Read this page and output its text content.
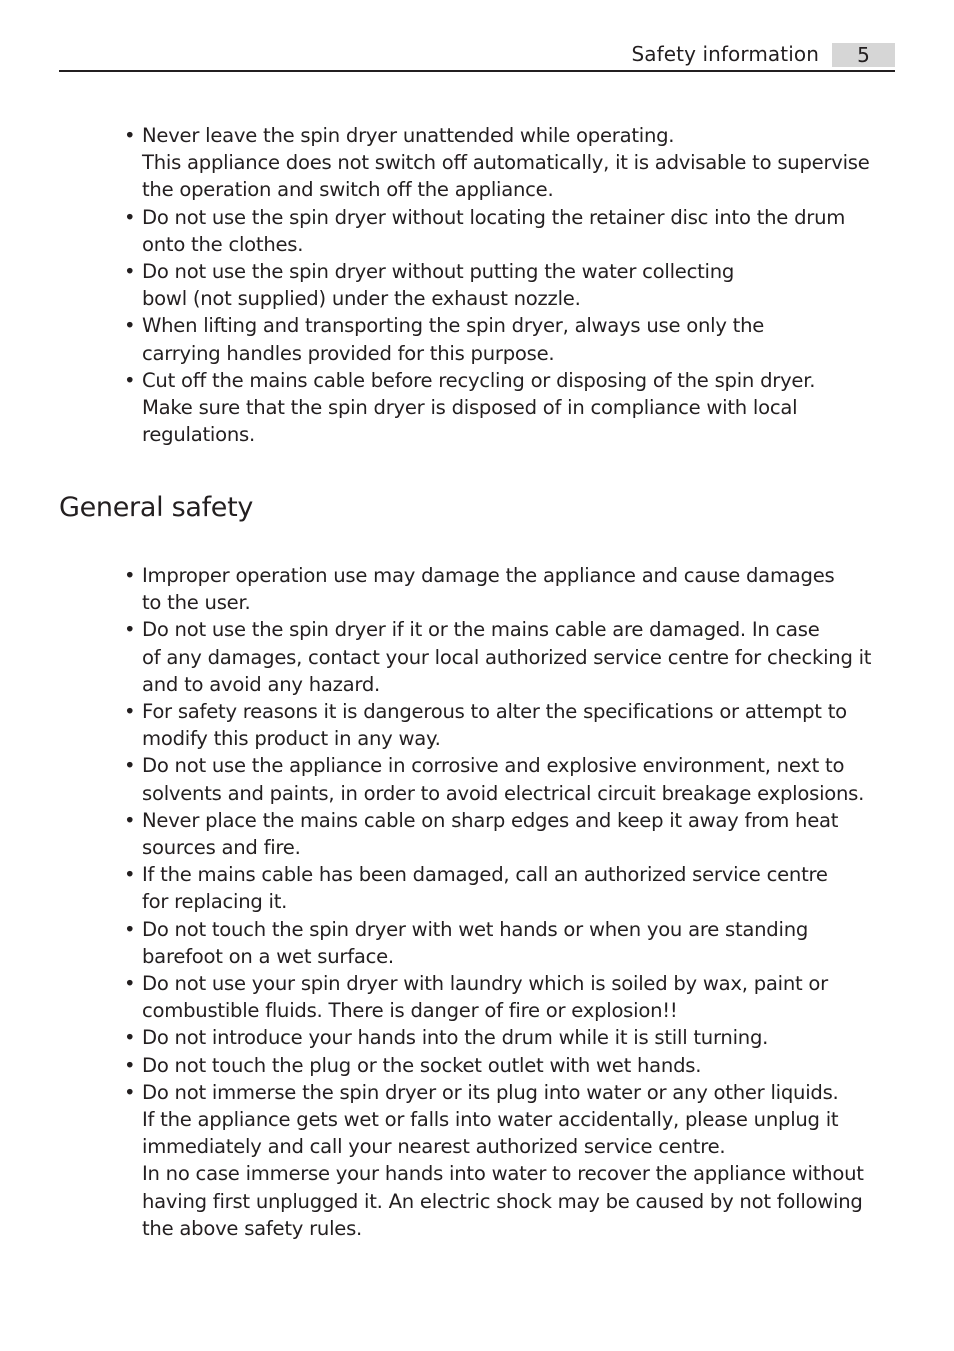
Safety information	5
• Never leave the spin dryer unattended while operating.
This appliance does not switch off automatically, it is advisable to supervise
the operation and switch off the appliance.
• Do not use the spin dryer without locating the retainer disc into the drum
onto the clothes.
• Do not use the spin dryer without putting the water collecting
bowl (not supplied) under the exhaust nozzle.
• When lifting and transporting the spin dryer, always use only the
carrying handles provided for this purpose.
• Cut off the mains cable before recycling or disposing of the spin dryer.
Make sure that the spin dryer is disposed of in compliance with local
regulations.
General safety
• Improper operation use may damage the appliance and cause damages
to the user.
• Do not use the spin dryer if it or the mains cable are damaged. In case
of any damages, contact your local authorized service centre for checking it
and to avoid any hazard.
• For safety reasons it is dangerous to alter the specifications or attempt to
modify this product in any way.
• Do not use the appliance in corrosive and explosive environment, next to
solvents and paints, in order to avoid electrical circuit breakage explosions.
• Never place the mains cable on sharp edges and keep it away from heat
sources and fire.
• If the mains cable has been damaged, call an authorized service centre
for replacing it.
• Do not touch the spin dryer with wet hands or when you are standing
barefoot on a wet surface.
• Do not use your spin dryer with laundry which is soiled by wax, paint or
combustible fluids. There is danger of fire or explosion!!
• Do not introduce your hands into the drum while it is still turning.
• Do not touch the plug or the socket outlet with wet hands.
• Do not immerse the spin dryer or its plug into water or any other liquids.
If the appliance gets wet or falls into water accidentally, please unplug it
immediately and call your nearest authorized service centre.
In no case immerse your hands into water to recover the appliance without
having first unplugged it. An electric shock may be caused by not following
the above safety rules.
